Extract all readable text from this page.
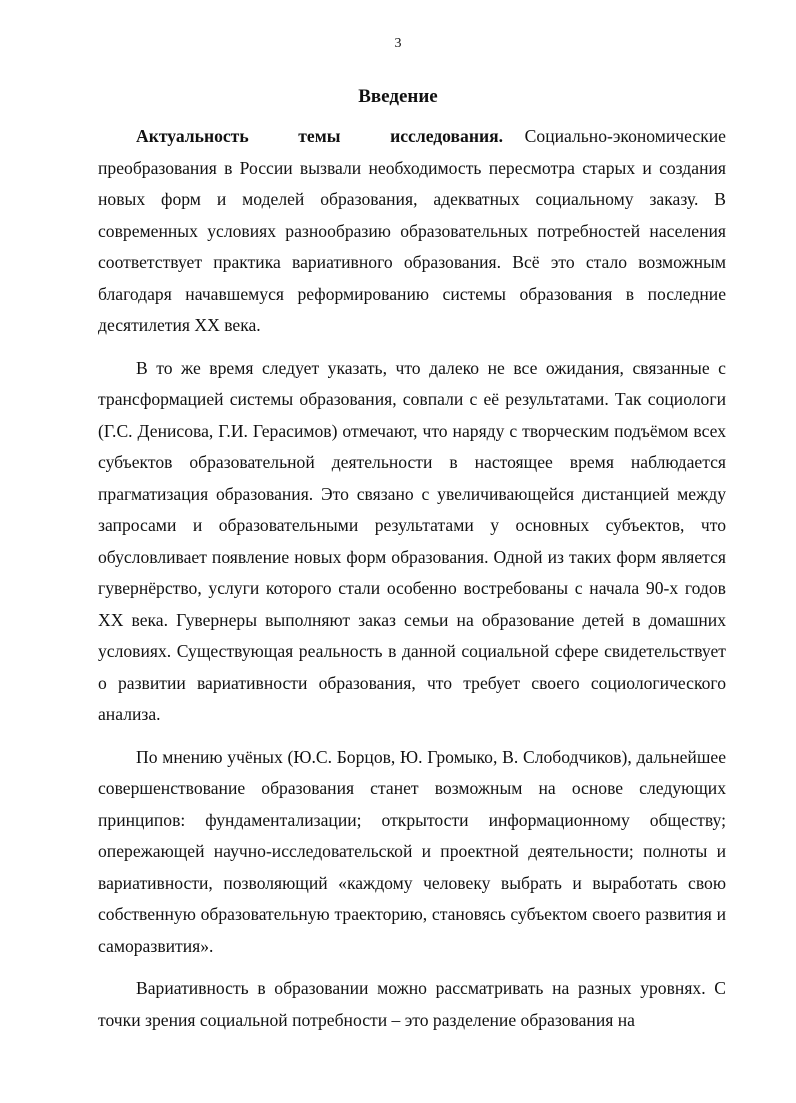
3
Введение

Актуальность темы исследования. Социально-экономические преобразования в России вызвали необходимость пересмотра старых и создания новых форм и моделей образования, адекватных социальному заказу. В современных условиях разнообразию образовательных потребностей населения соответствует практика вариативного образования. Всё это стало возможным благодаря начавшемуся реформированию системы образования в последние десятилетия XX века.

В то же время следует указать, что далеко не все ожидания, связанные с трансформацией системы образования, совпали с её результатами. Так социологи (Г.С. Денисова, Г.И. Герасимов) отмечают, что наряду с творческим подъёмом всех субъектов образовательной деятельности в настоящее время наблюдается прагматизация образования. Это связано с увеличивающейся дистанцией между запросами и образовательными результатами у основных субъектов, что обусловливает появление новых форм образования. Одной из таких форм является гувернёрство, услуги которого стали особенно востребованы с начала 90-х годов XX века. Гувернеры выполняют заказ семьи на образование детей в домашних условиях. Существующая реальность в данной социальной сфере свидетельствует о развитии вариативности образования, что требует своего социологического анализа.

По мнению учёных (Ю.С. Борцов, Ю. Громыко, В. Слободчиков), дальнейшее совершенствование образования станет возможным на основе следующих принципов: фундаментализации; открытости информационному обществу; опережающей научно-исследовательской и проектной деятельности; полноты и вариативности, позволяющий «каждому человеку выбрать и выработать свою собственную образовательную траекторию, становясь субъектом своего развития и саморазвития».

Вариативность в образовании можно рассматривать на разных уровнях. С точки зрения социальной потребности – это разделение образования на
